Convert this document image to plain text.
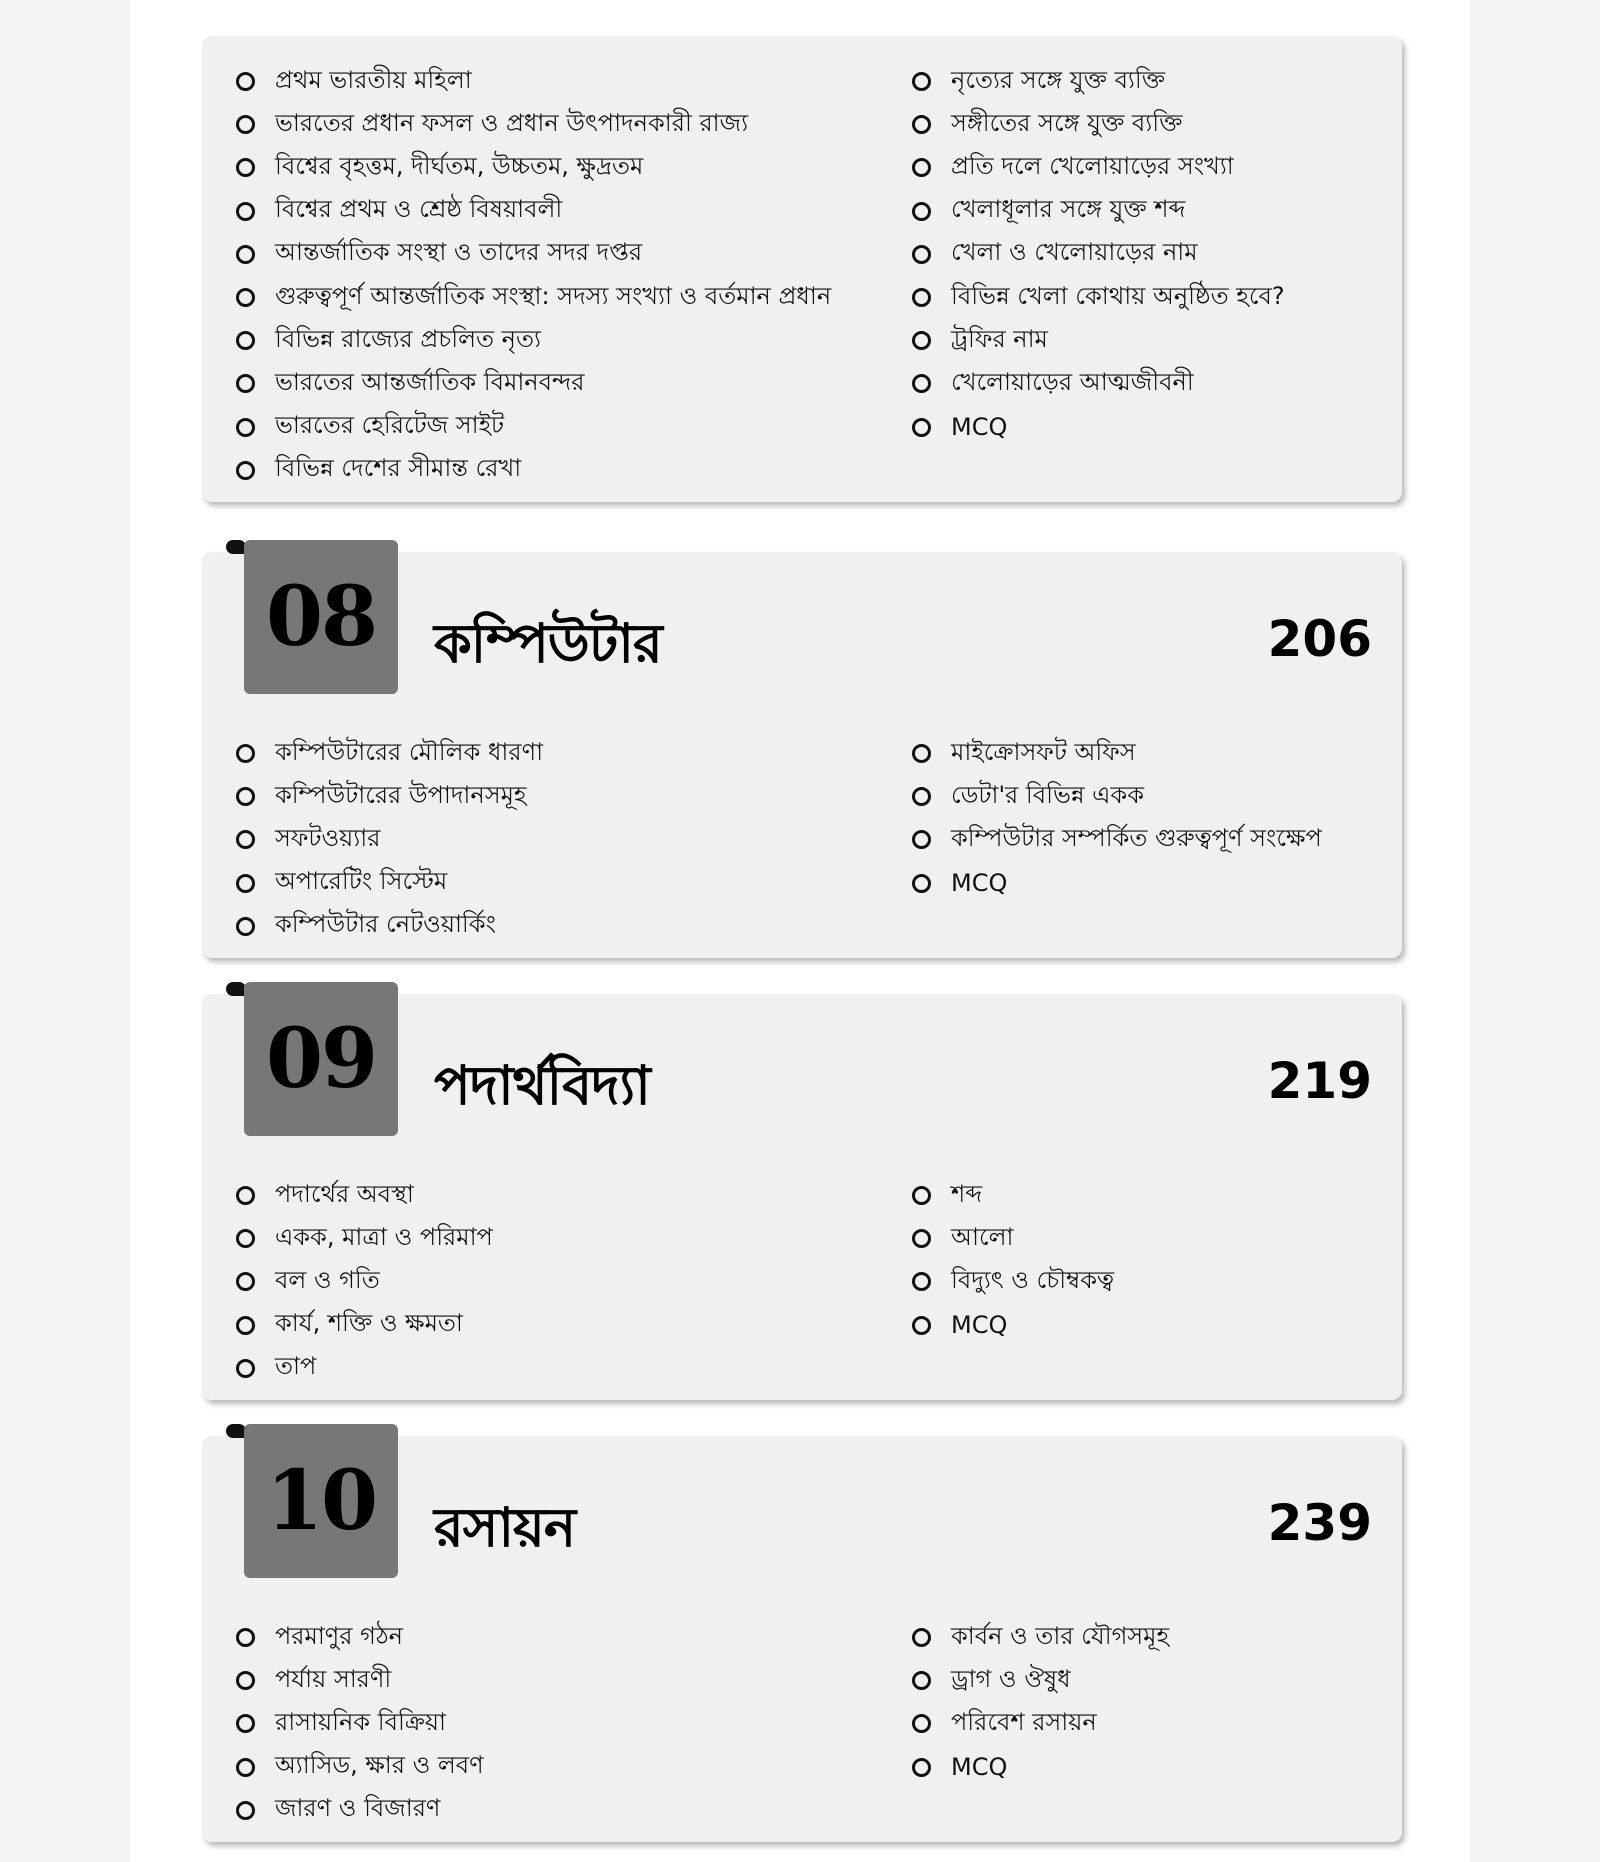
প্রথম ভারতীয় মহিলা
ভারতের প্রধান ফসল ও প্রধান উৎপাদনকারী রাজ্য
বিশ্বের বৃহত্তম, দীর্ঘতম, উচ্চতম, ক্ষুদ্রতম
বিশ্বের প্রথম ও শ্রেষ্ঠ বিষয়াবলী
আন্তর্জাতিক সংস্থা ও তাদের সদর দপ্তর
গুরুত্বপূর্ণ আন্তর্জাতিক সংস্থা: সদস্য সংখ্যা ও বর্তমান প্রধান
বিভিন্ন রাজ্যের প্রচলিত নৃত্য
ভারতের আন্তর্জাতিক বিমানবন্দর
ভারতের হেরিটেজ সাইট
বিভিন্ন দেশের সীমান্ত রেখা
নৃত্যের সঙ্গে যুক্ত ব্যক্তি
সঙ্গীতের সঙ্গে যুক্ত ব্যক্তি
প্রতি দলে খেলোয়াড়ের সংখ্যা
খেলাধূলার সঙ্গে যুক্ত শব্দ
খেলা ও খেলোয়াড়ের নাম
বিভিন্ন খেলা কোথায় অনুষ্ঠিত হবে?
ট্রফির নাম
খেলোয়াড়ের আত্মজীবনী
MCQ
08	কম্পিউটার	206
কম্পিউটারের মৌলিক ধারণা
কম্পিউটারের উপাদানসমূহ
সফটওয়্যার
অপারেটিং সিস্টেম
কম্পিউটার নেটওয়ার্কিং
মাইক্রোসফট অফিস
ডেটা'র বিভিন্ন একক
কম্পিউটার সম্পর্কিত গুরুত্বপূর্ণ সংক্ষেপ
MCQ
09	পদার্থবিদ্যা	219
পদার্থের অবস্থা
একক, মাত্রা ও পরিমাপ
বল ও গতি
কার্য, শক্তি ও ক্ষমতা
তাপ
শব্দ
আলো
বিদ্যুৎ ও চৌম্বকত্ব
MCQ
10	রসায়ন	239
পরমাণুর গঠন
পর্যায় সারণী
রাসায়নিক বিক্রিয়া
অ্যাসিড, ক্ষার ও লবণ
জারণ ও বিজারণ
কার্বন ও তার যৌগসমূহ
ড্রাগ ও ঔষুধ
পরিবেশ রসায়ন
MCQ
